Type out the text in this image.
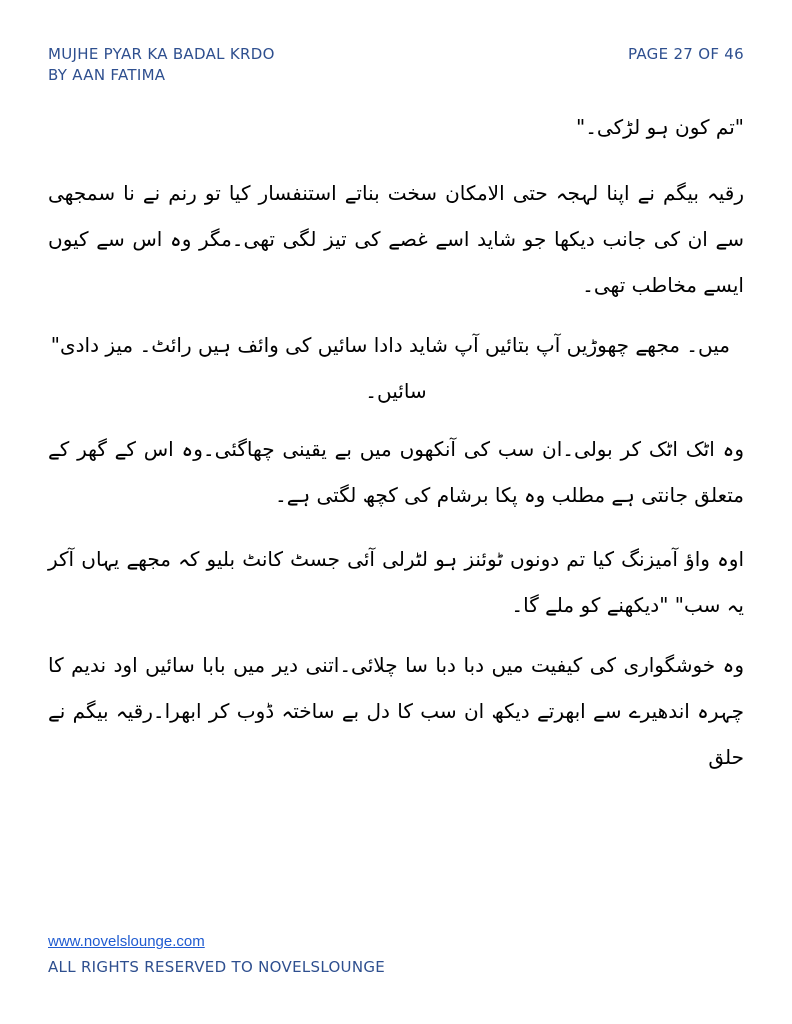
MUJHE PYAR KA BADAL KRDO
BY AAN FATIMA
PAGE 27 OF 46

"تم کون ہو لڑکی۔"

رقیہ بیگم نے اپنا لہجہ حتی الامکان سخت بناتے استنفسار کیا تو رنم نے نا سمجھی سے ان کی جانب دیکھا جو شاید اسے غصے کی تیز لگی تھی۔مگر وہ اس سے کیوں ایسے مخاطب تھی۔

میں۔ مجھے چھوڑیں آپ بتائیں آپ شاید دادا سائیں کی وائف ہیں رائٹ۔ میز دادی"

سائیں۔

وہ اٹک اٹک کر بولی۔ان سب کی آنکھوں میں بے یقینی چھاگئی۔وہ اس کے گھر کے متعلق جانتی ہے مطلب وہ پکا برشام کی کچھ لگتی ہے۔

اوہ واؤ آمیزنگ کیا تم دونوں ٹوئنز ہو لٹرلی آئی جسٹ کانٹ بلیو کہ مجھے یہاں آکر یہ سب" "دیکھنے کو ملے گا۔

وہ خوشگواری کی کیفیت میں دبا دبا سا چلائی۔اتنی دیر میں بابا سائیں اود ندیم کا چہرہ اندھیرے سے ابھرتے دیکھ ان سب کا دل بے ساختہ ڈوب کر ابھرا۔رقیہ بیگم نے حلق

www.novelslounge.com
ALL RIGHTS RESERVED TO NOVELSLOUNGE
